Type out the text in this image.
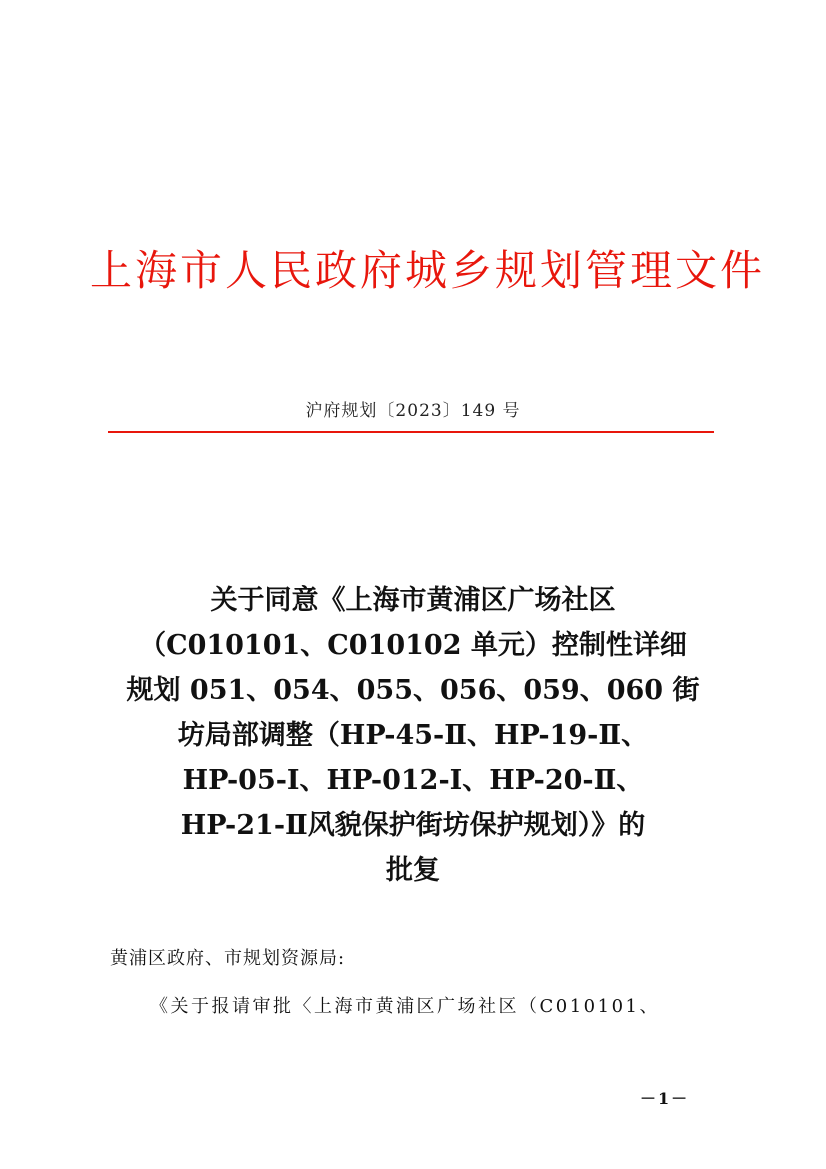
上海市人民政府城乡规划管理文件
沪府规划〔2023〕149 号
关于同意《上海市黄浦区广场社区
（C010101、C010102 单元）控制性详细
规划 051、054、055、056、059、060 街
坊局部调整（HP-45-Ⅱ、HP-19-Ⅱ、
HP-05-Ⅰ、HP-012-Ⅰ、HP-20-Ⅱ、
HP-21-Ⅱ风貌保护街坊保护规划）》的
批复
黄浦区政府、市规划资源局:
《关于报请审批〈上海市黄浦区广场社区（C010101、
－1－
